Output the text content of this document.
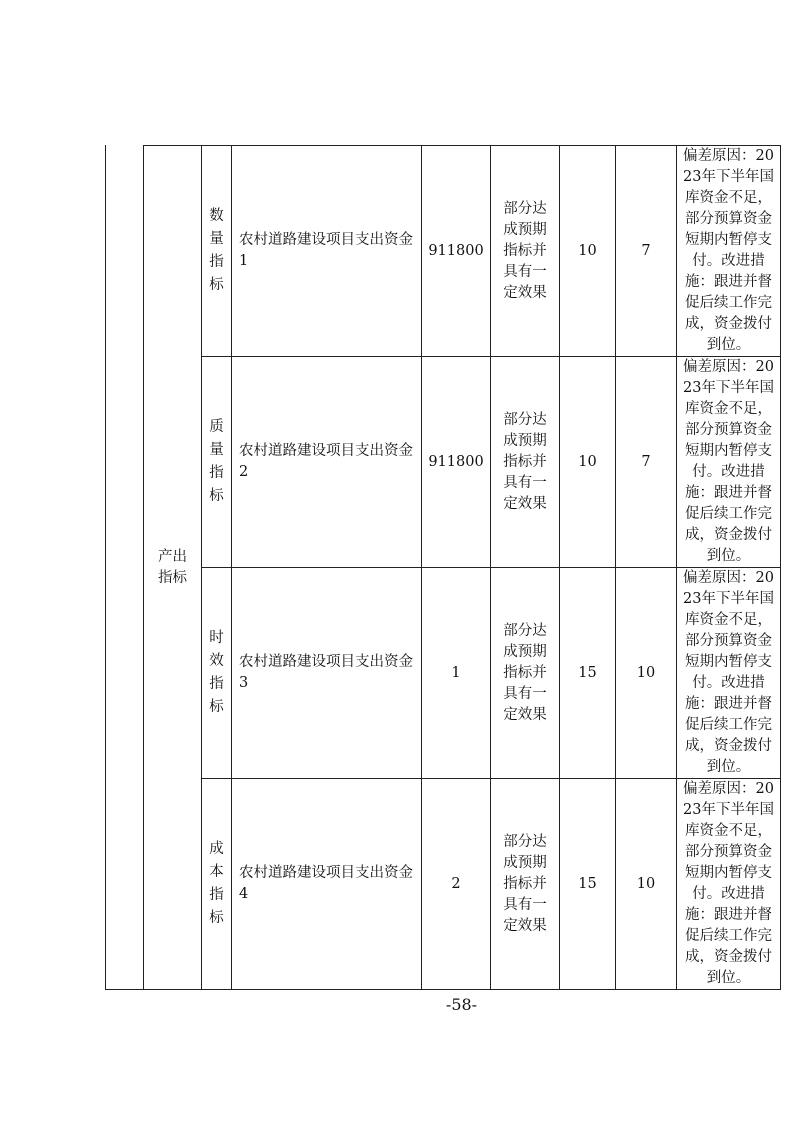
	产出指标	数量指标	农村道路建设项目支出资金1	911800	部分达成预期指标并具有一定效果	10	7	偏差原因：2023年下半年国库资金不足，部分预算资金短期内暂停支付。改进措施：跟进并督促后续工作完成，资金拨付到位。
		质量指标	农村道路建设项目支出资金2	911800	部分达成预期指标并具有一定效果	10	7	偏差原因：2023年下半年国库资金不足，部分预算资金短期内暂停支付。改进措施：跟进并督促后续工作完成，资金拨付到位。
		时效指标	农村道路建设项目支出资金3	1	部分达成预期指标并具有一定效果	15	10	偏差原因：2023年下半年国库资金不足，部分预算资金短期内暂停支付。改进措施：跟进并督促后续工作完成，资金拨付到位。
		成本指标	农村道路建设项目支出资金4	2	部分达成预期指标并具有一定效果	15	10	偏差原因：2023年下半年国库资金不足，部分预算资金短期内暂停支付。改进措施：跟进并督促后续工作完成，资金拨付到位。
-58-
